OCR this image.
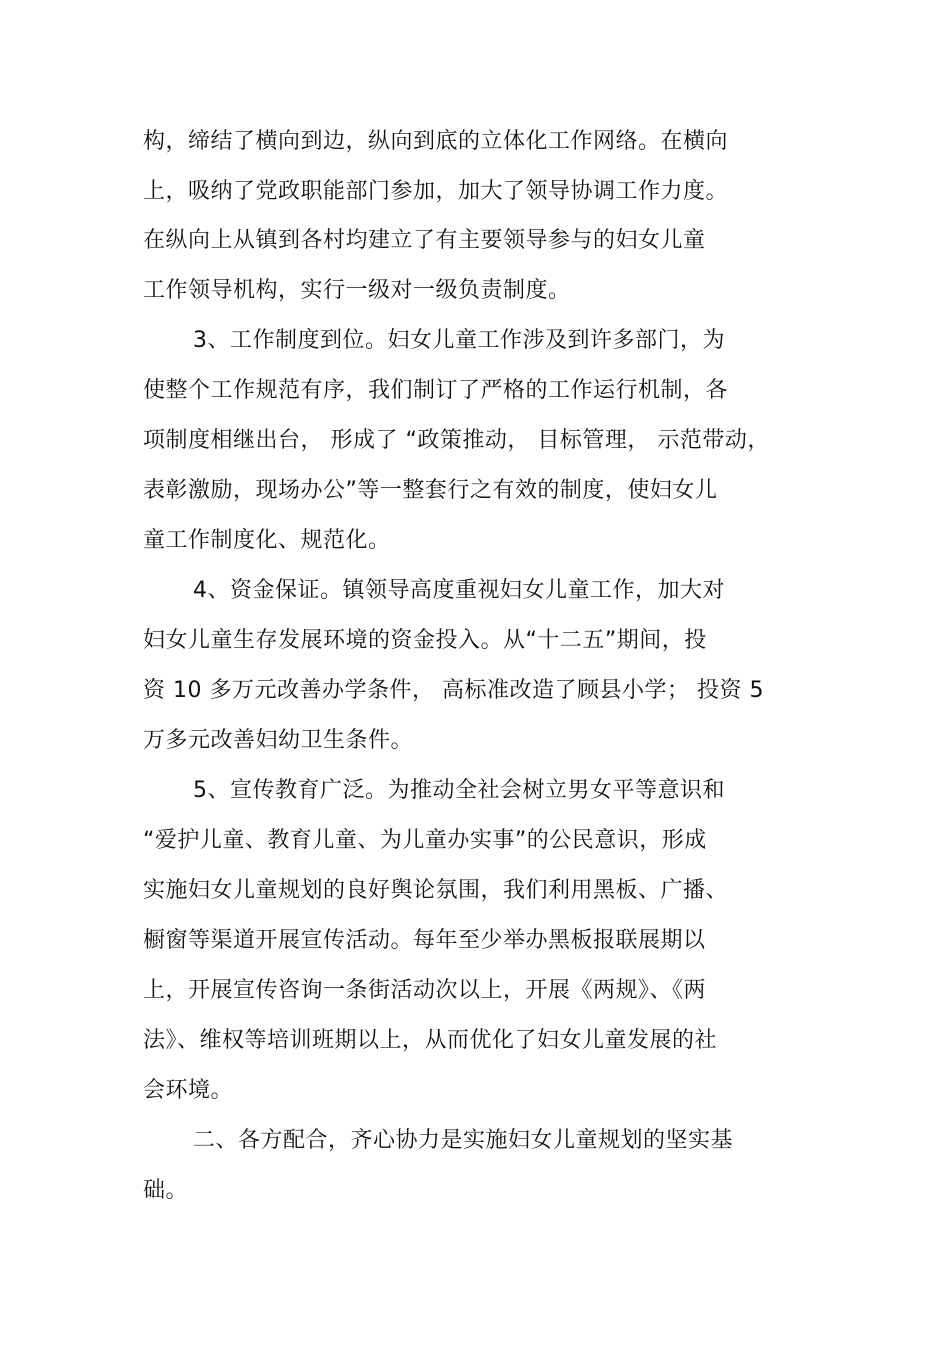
构，缔结了横向到边，纵向到底的立体化工作网络。在横向
上，吸纳了党政职能部门参加，加大了领导协调工作力度。
在纵向上从镇到各村均建立了有主要领导参与的妇女儿童
工作领导机构，实行一级对一级负责制度。
3、工作制度到位。妇女儿童工作涉及到许多部门，为
使整个工作规范有序，我们制订了严格的工作运行机制，各
项制度相继出台， 形成了 “政策推动， 目标管理， 示范带动，
表彰激励，现场办公”等一整套行之有效的制度，使妇女儿
童工作制度化、规范化。
4、资金保证。镇领导高度重视妇女儿童工作，加大对
妇女儿童生存发展环境的资金投入。从“十二五”期间，投
资 10 多万元改善办学条件， 高标准改造了顾县小学； 投资 5
万多元改善妇幼卫生条件。
5、宣传教育广泛。为推动全社会树立男女平等意识和
“爱护儿童、教育儿童、为儿童办实事”的公民意识，形成
实施妇女儿童规划的良好舆论氛围，我们利用黑板、广播、
橱窗等渠道开展宣传活动。每年至少举办黑板报联展期以
上，开展宣传咨询一条街活动次以上，开展《两规》、《两
法》、维权等培训班期以上，从而优化了妇女儿童发展的社
会环境。
二、各方配合，齐心协力是实施妇女儿童规划的坚实基
础。
